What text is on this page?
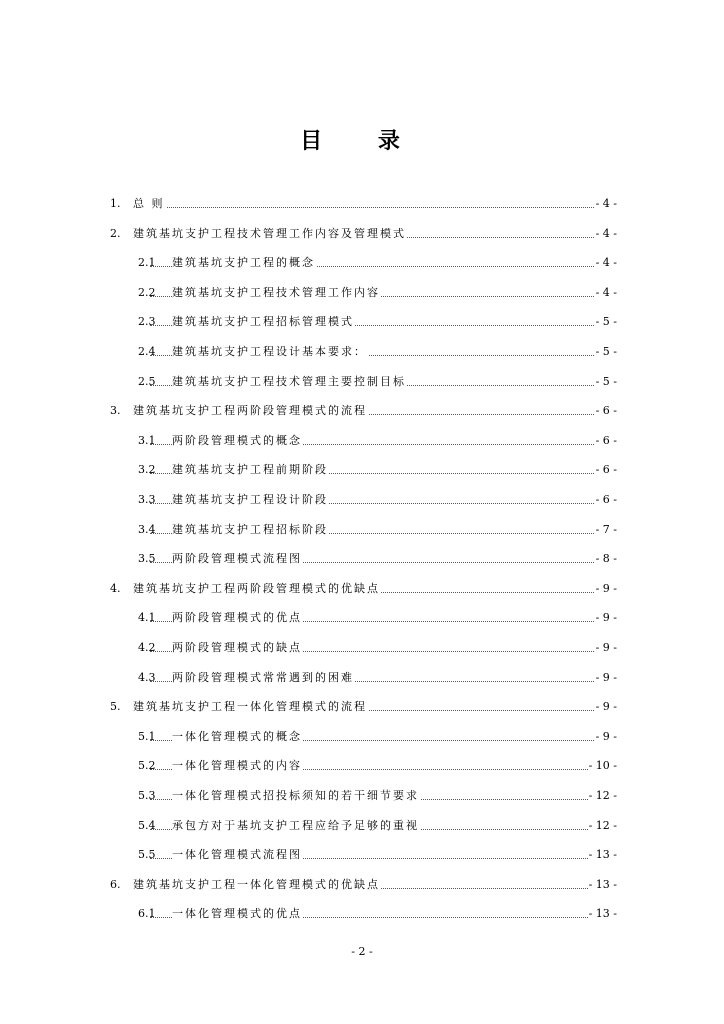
目 录
1. 总 则	- 4 -
2. 建筑基坑支护工程技术管理工作内容及管理模式	- 4 -
2.1 建筑基坑支护工程的概念	- 4 -
2.2 建筑基坑支护工程技术管理工作内容	- 4 -
2.3 建筑基坑支护工程招标管理模式	- 5 -
2.4 建筑基坑支护工程设计基本要求：	- 5 -
2.5 建筑基坑支护工程技术管理主要控制目标	- 5 -
3. 建筑基坑支护工程两阶段管理模式的流程	- 6 -
3.1 两阶段管理模式的概念	- 6 -
3.2 建筑基坑支护工程前期阶段	- 6 -
3.3 建筑基坑支护工程设计阶段	- 6 -
3.4 建筑基坑支护工程招标阶段	- 7 -
3.5 两阶段管理模式流程图	- 8 -
4. 建筑基坑支护工程两阶段管理模式的优缺点	- 9 -
4.1 两阶段管理模式的优点	- 9 -
4.2 两阶段管理模式的缺点	- 9 -
4.3 两阶段管理模式常常遇到的困难	- 9 -
5. 建筑基坑支护工程一体化管理模式的流程	- 9 -
5.1 一体化管理模式的概念	- 9 -
5.2 一体化管理模式的内容	- 10 -
5.3 一体化管理模式招投标须知的若干细节要求	- 12 -
5.4 承包方对于基坑支护工程应给予足够的重视	- 12 -
5.5 一体化管理模式流程图	- 13 -
6. 建筑基坑支护工程一体化管理模式的优缺点	- 13 -
6.1 一体化管理模式的优点	- 13 -
- 2 -
